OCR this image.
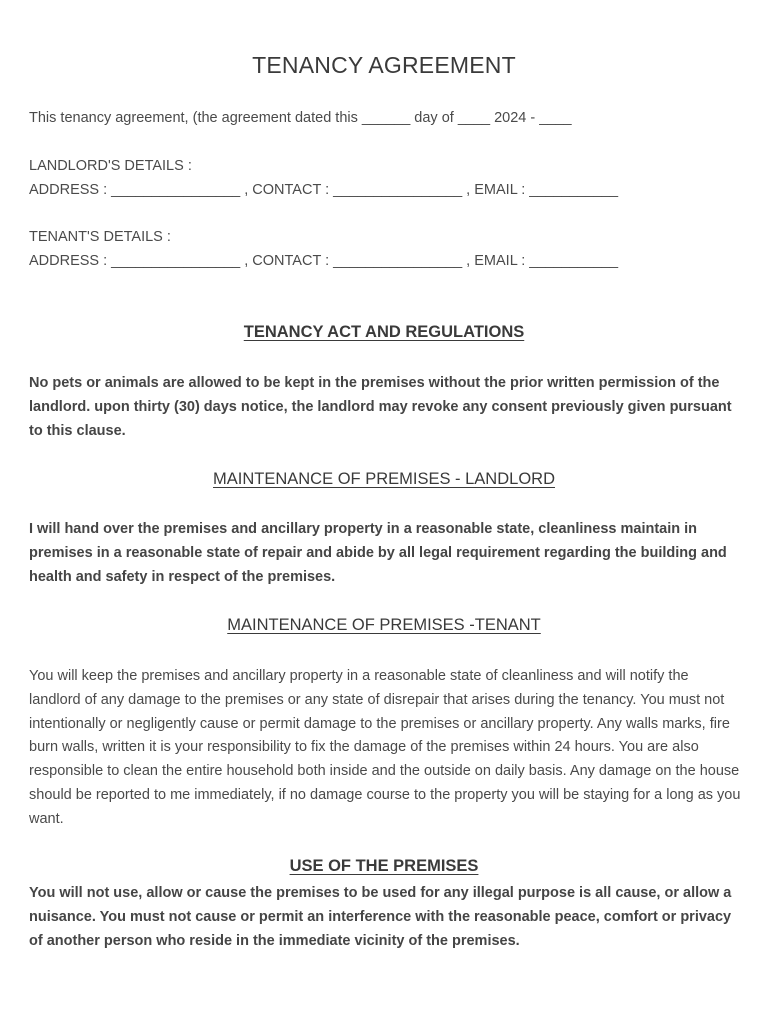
TENANCY AGREEMENT
This tenancy agreement, (the agreement dated this ______ day of ____ 2024 - ____
LANDLORD'S DETAILS :
ADDRESS : ________________ , CONTACT : ________________ , EMAIL : ___________
TENANT'S DETAILS :
ADDRESS : ________________ , CONTACT : ________________ , EMAIL : ___________
TENANCY ACT AND REGULATIONS

No pets or animals are allowed to be kept in the premises without the prior written permission of the landlord. upon thirty (30) days notice, the landlord may revoke any consent previously given pursuant to this clause.

MAINTENANCE OF PREMISES - LANDLORD

I will hand over the premises and ancillary property in a reasonable state, cleanliness maintain in premises in a reasonable state of repair and abide by all legal requirement regarding the building and health and safety in respect of the premises.

MAINTENANCE OF PREMISES -TENANT

You will keep the premises and ancillary property in a reasonable state of cleanliness and will notify the landlord of any damage to the premises or any state of disrepair that arises during the tenancy. You must not intentionally or negligently cause or permit damage to the premises or ancillary property. Any walls marks, fire burn walls, written it is your responsibility to fix the damage of the premises within 24 hours. You are also responsible to clean the entire household both inside and the outside on daily basis. Any damage on the house should be reported to me immediately, if no damage course to the property you will be staying for a long as you want.

USE OF THE PREMISES

You will not use, allow or cause the premises to be used for any illegal purpose is all cause, or allow a nuisance. You must not cause or permit an interference with the reasonable peace, comfort or privacy of another person who reside in the immediate vicinity of the premises.
